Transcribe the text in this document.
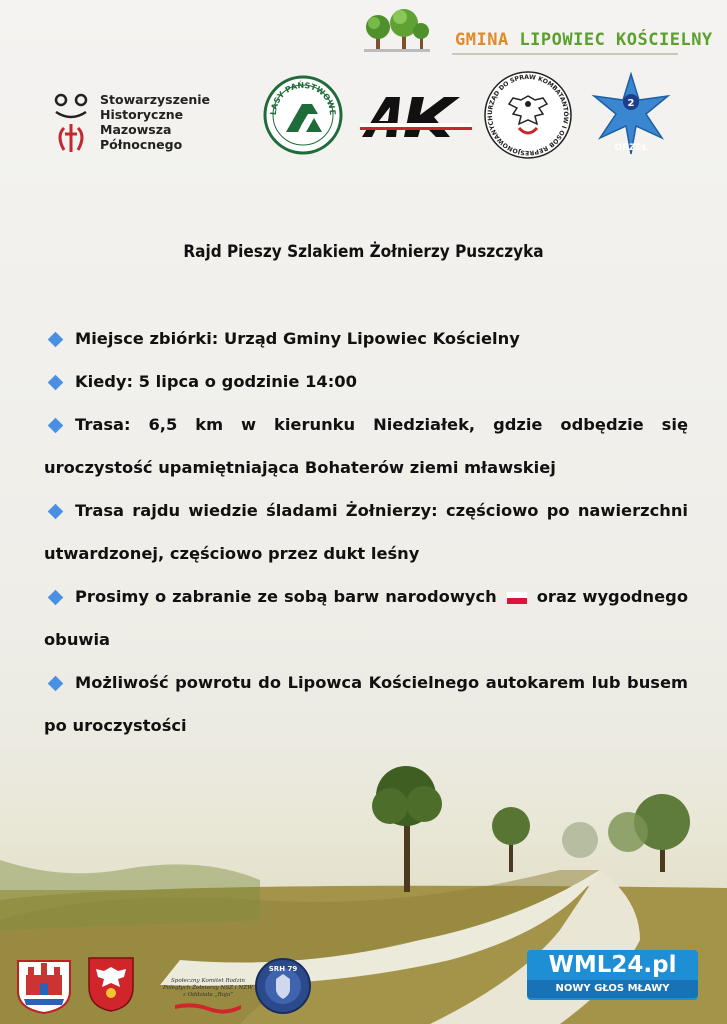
GMINA LIPOWIEC KOŚCIELNY
Stowarzyszenie
Historyczne
Mazowsza
Północnego
LASY PAŃSTWOWE	URZĄD DO SPRAW KOMBATANTÓW I OSÓB REPRESJONOWANYCH
2
ORZEŁ
Rajd Pieszy Szlakiem Żołnierzy Puszczyka
Miejsce zbiórki: Urząd Gminy Lipowiec Kościelny
Kiedy: 5 lipca o godzinie 14:00
Trasa: 6,5 km w kierunku Niedziałek, gdzie odbędzie się uroczystość upamiętniająca Bohaterów ziemi mławskiej
Trasa rajdu wiedzie śladami Żołnierzy: częściowo po nawierzchni utwardzonej, częściowo przez dukt leśny
Prosimy o zabranie ze sobą barw narodowych oraz wygodnego obuwia
Możliwość powrotu do Lipowca Kościelnego autokarem lub busem po uroczystości
Społeczny Komitet Rodzin
Poległych Żołnierzy NSZ i NZW
z Oddziału „Roja”
SRH 79	WML24.pl
NOWY GŁOS MŁAWY
